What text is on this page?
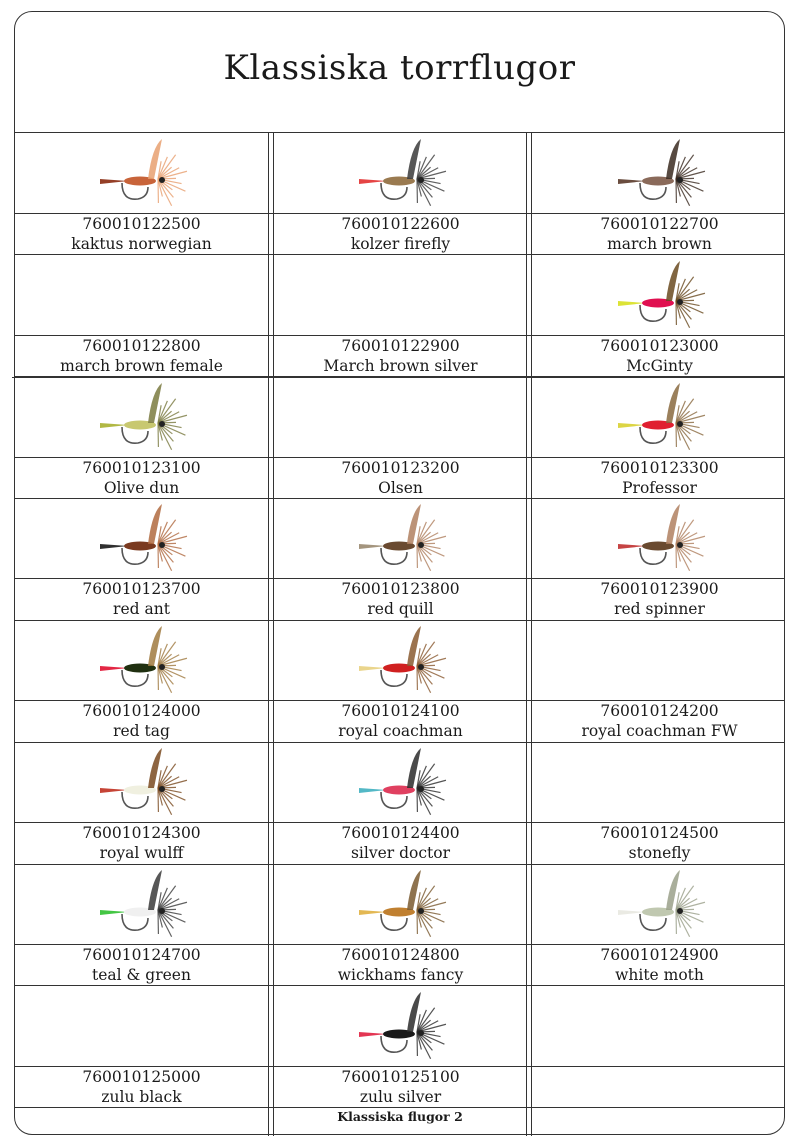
Klassiska torrflugor
760010122500
kaktus norwegian
760010122600
kolzer firefly
760010122700
march brown
760010122800
march brown female
760010122900
March brown silver
760010123000
McGinty
760010123100
Olive dun
760010123200
Olsen
760010123300
Professor
760010123700
red ant
760010123800
red quill
760010123900
red spinner
760010124000
red tag
760010124100
royal coachman
760010124200
royal coachman FW
760010124300
royal wulff
760010124400
silver doctor
760010124500
stonefly
760010124700
teal & green
760010124800
wickhams fancy
760010124900
white moth
760010125000
zulu black
760010125100
zulu silver
Klassiska flugor 2
